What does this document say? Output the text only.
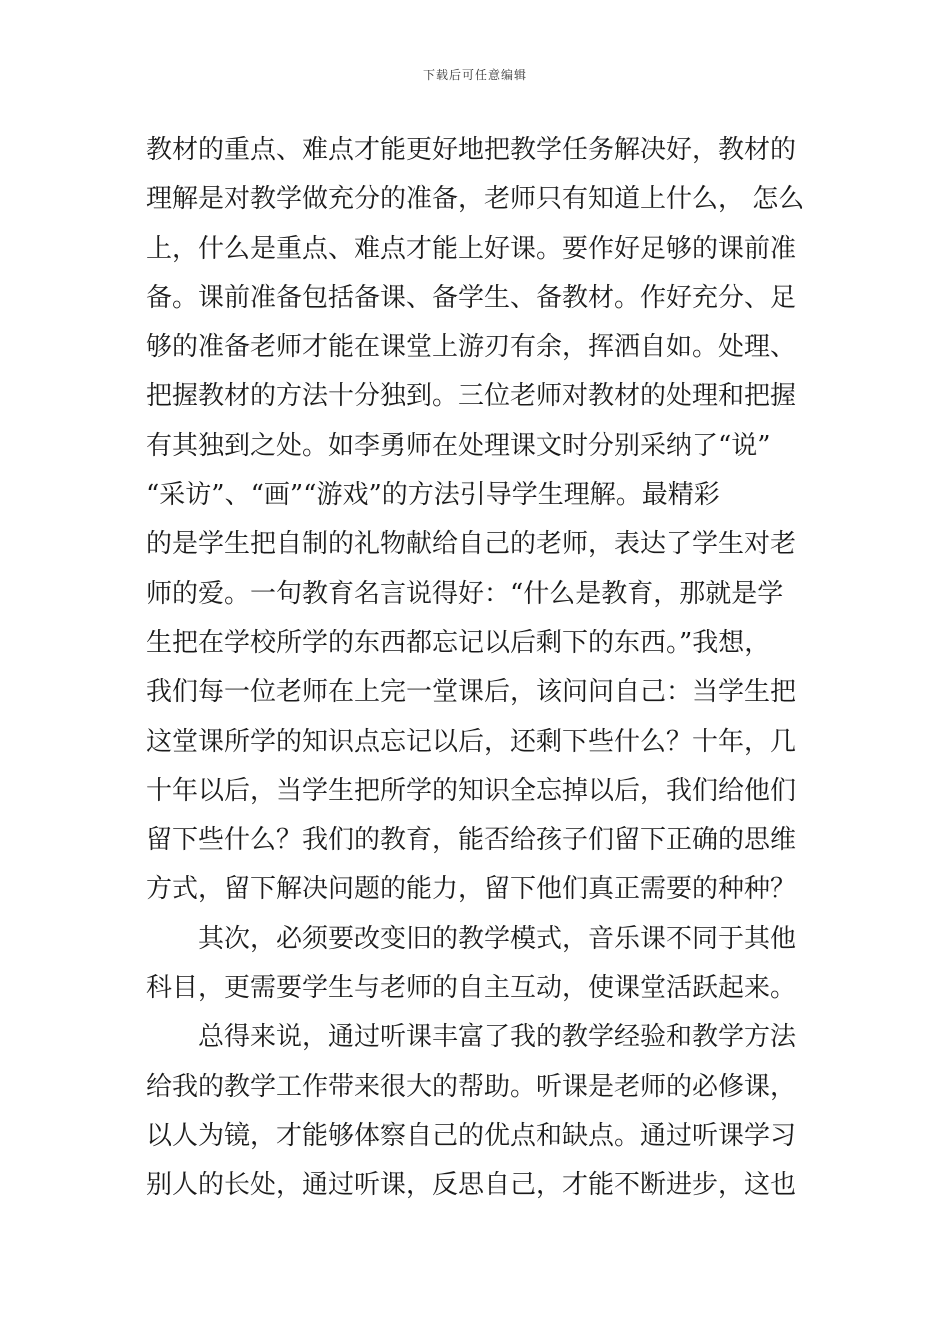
下载后可任意编辑
教材的重点、难点才能更好地把教学任务解决好，教材的
理解是对教学做充分的准备，老师只有知道上什么， 怎么
上，什么是重点、难点才能上好课。要作好足够的课前准
备。课前准备包括备课、备学生、备教材。作好充分、足
够的准备老师才能在课堂上游刃有余，挥洒自如。处理、
把握教材的方法十分独到。三位老师对教材的处理和把握
有其独到之处。如李勇师在处理课文时分别采纳了“说”
“采访”、“画”“游戏”的方法引导学生理解。最精彩
的是学生把自制的礼物献给自己的老师，表达了学生对老
师的爱。一句教育名言说得好：“什么是教育，那就是学
生把在学校所学的东西都忘记以后剩下的东西。”我想，
我们每一位老师在上完一堂课后，该问问自己：当学生把
这堂课所学的知识点忘记以后，还剩下些什么？十年，几
十年以后，当学生把所学的知识全忘掉以后，我们给他们
留下些什么？我们的教育，能否给孩子们留下正确的思维
方式，留下解决问题的能力，留下他们真正需要的种种？
其次，必须要改变旧的教学模式，音乐课不同于其他
科目，更需要学生与老师的自主互动，使课堂活跃起来。
总得来说，通过听课丰富了我的教学经验和教学方法
给我的教学工作带来很大的帮助。听课是老师的必修课，
以人为镜，才能够体察自己的优点和缺点。通过听课学习
别人的长处，通过听课，反思自己，才能不断进步，这也
